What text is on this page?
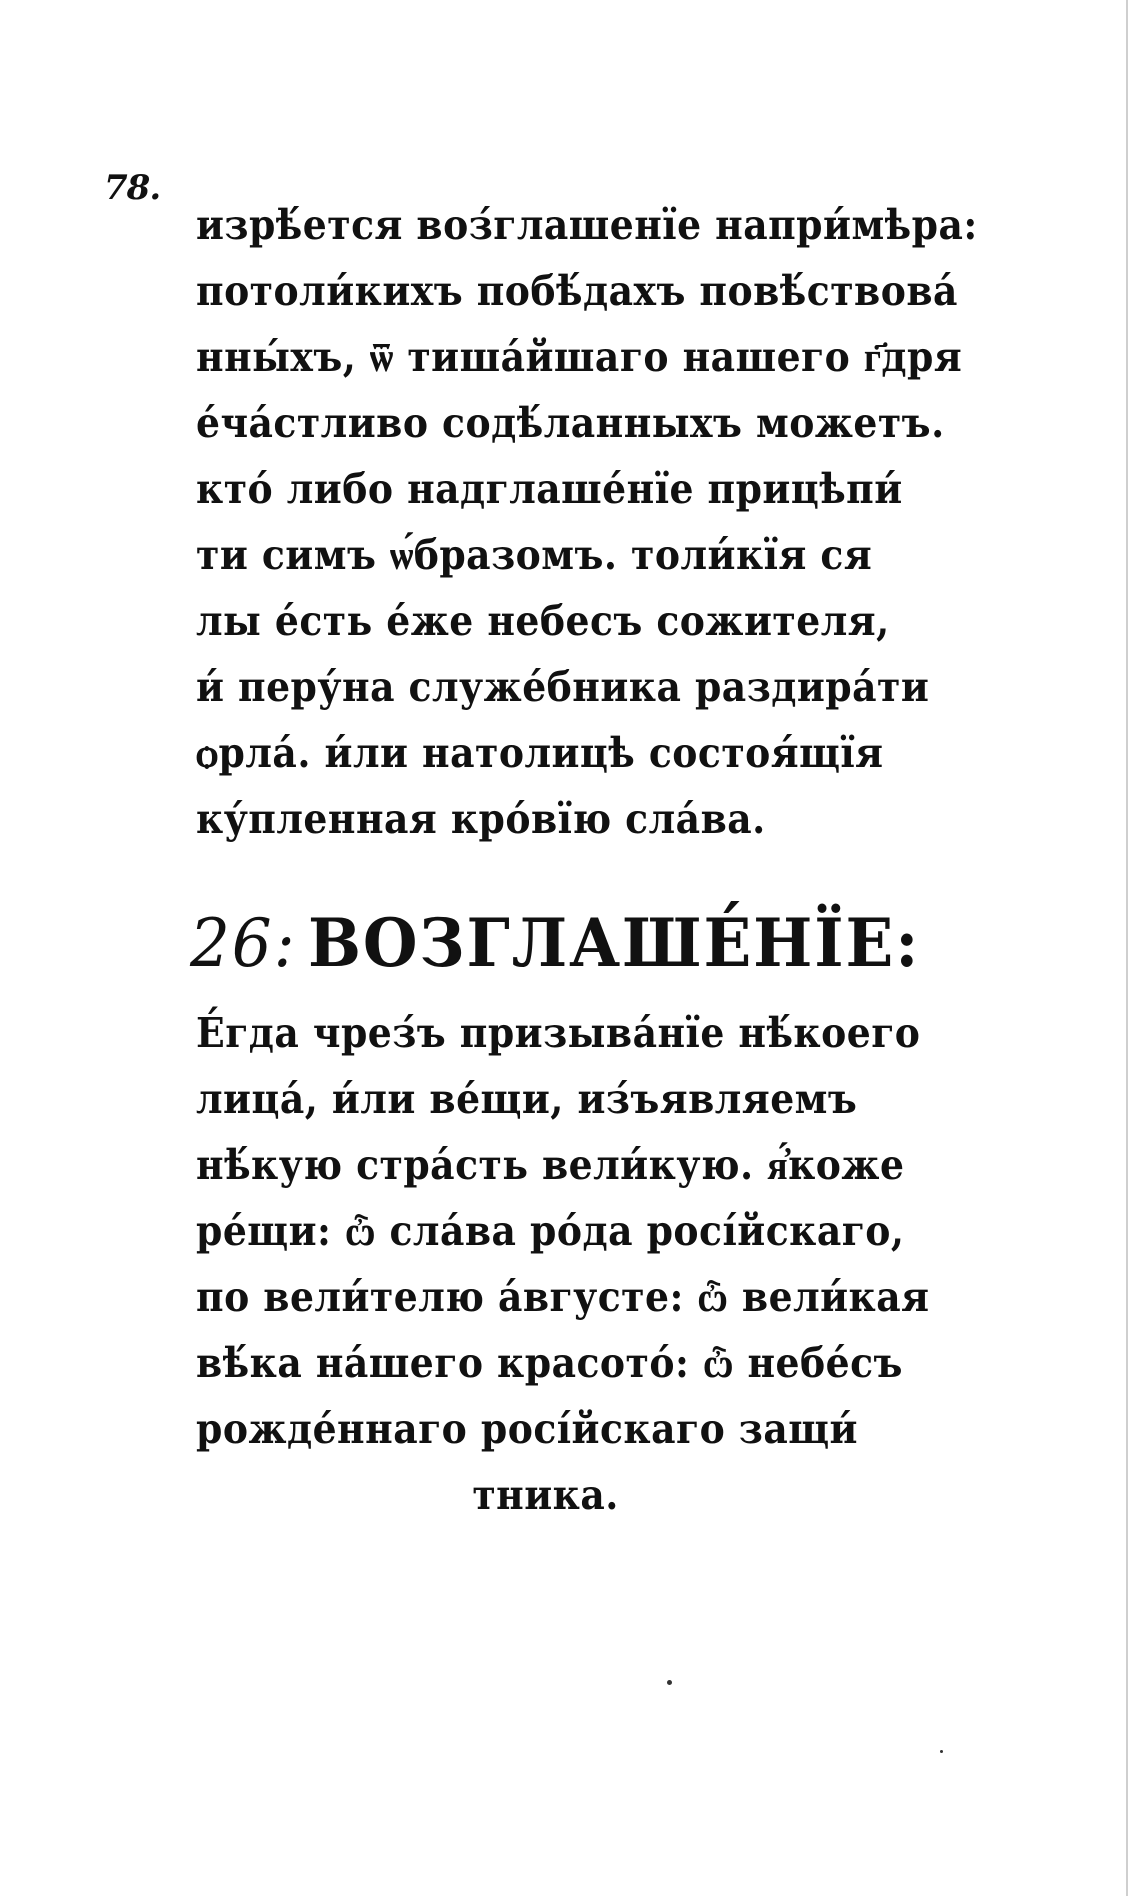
78.
изрѣ́ется воз́глашенїе напри́мѣра:
потоли́кихъ побѣ́дахъ повѣ́ствова́
нны́хъ, ѿ тиша́йшаго нашего г҃дря
е́ча́стливо содѣ́ланныхъ можетъ.
кто́ либо надглаше́нїе прицѣпи́
ти симъ ѡ́бразомъ. толи́кїя ся
лы е́сть е́же небесъ сожителя,
и́ перу́на служе́бника раздира́ти
ѻрла́. и́ли натолицѣ состоя́щїя
ку́пленная кро́вїю сла́ва.
26: ВОЗГЛАШЕ́НЇЕ:
Е́гда чрез́ъ призыва́нїе нѣ́коего
лица́, и́ли ве́щи, из́ъявляемъ
нѣ́кую стра́сть вели́кую. я҆́коже
ре́щи: ѽ сла́ва ро́да росі́йскаго,
по вели́телю а́вгусте: ѽ вели́кая
вѣ́ка на́шего красото́: ѽ небе́съ
рожде́ннаго росі́йскаго защи́
тника.
